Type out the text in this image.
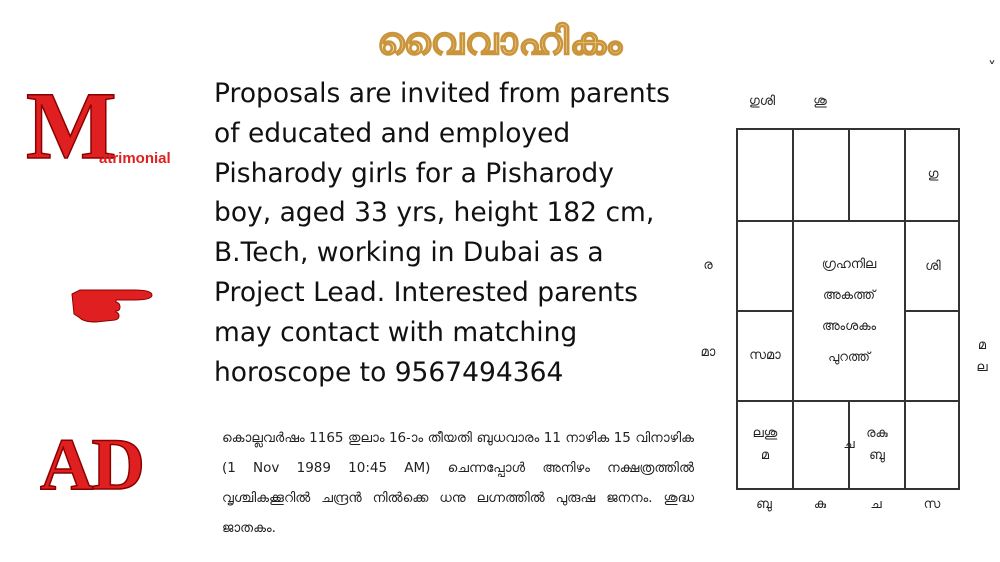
വൈവാഹികം
M
atrimonial
AD
Proposals are invited from parents
of educated and employed
Pisharody girls for a Pisharody
boy, aged 33 yrs, height 182 cm,
B.Tech, working in Dubai as a
Project Lead. Interested parents
may contact with matching
horoscope to 9567494364
കൊല്ലവർഷം 1165 തുലാം 16-ാം തീയതി ബുധവാരം 11 നാഴിക 15 വിനാഴിക (1 Nov 1989 10:45 AM) ചെന്നപ്പോൾ അനിഴം നക്ഷത്രത്തിൽ വൃശ്ചികക്കൂറിൽ ചന്ദ്രൻ നിൽക്കെ ധനു ലഗ്നത്തിൽ പുരുഷ ജനനം. ശുദ്ധ ജാതകം.
ഗുശി	ശു
ര
മാ	മ
ല
ബു	കു	ച	സ
˅
ഗു
ശി
സമാ
ലശു
മ
ച
രകു
ബു
ഗ്രഹനില
അകത്ത്
അംശകം
പുറത്ത്
